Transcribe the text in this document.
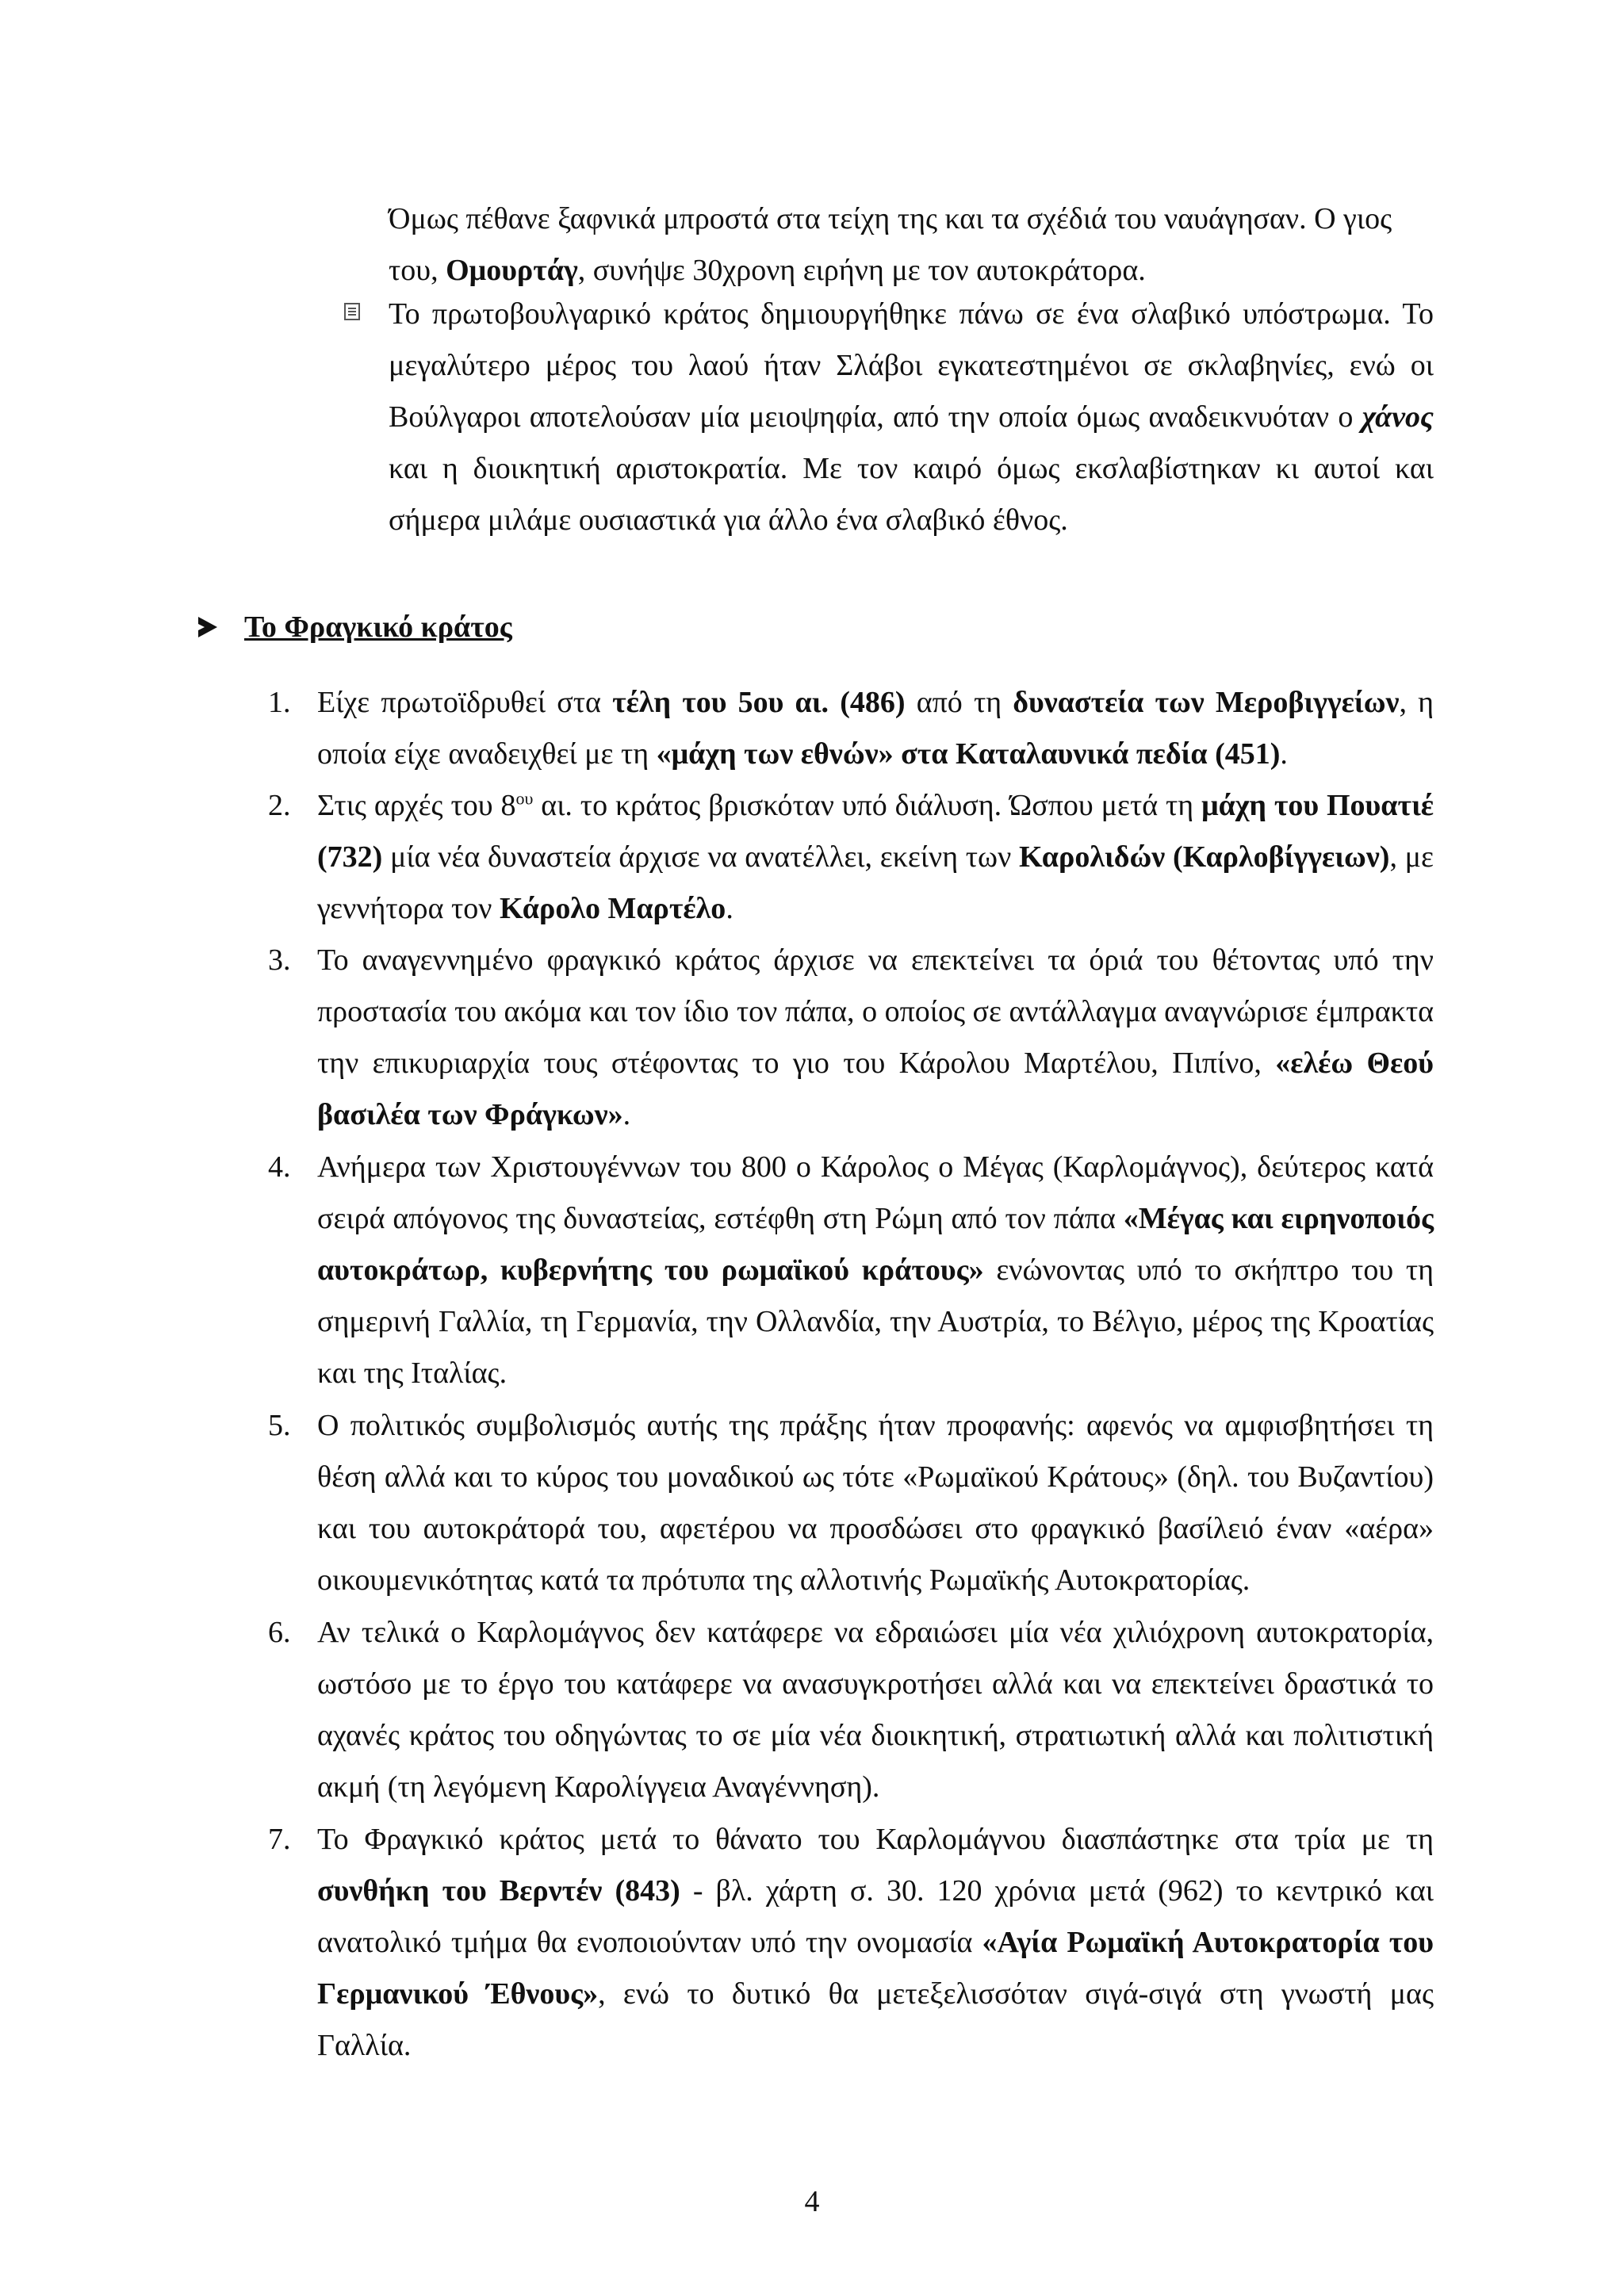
Όμως πέθανε ξαφνικά μπροστά στα τείχη της και τα σχέδιά του ναυάγησαν. Ο γιος
του, Ομουρτάγ, συνήψε 30χρονη ειρήνη με τον αυτοκράτορα.

Το πρωτοβουλγαρικό κράτος δημιουργήθηκε πάνω σε ένα σλαβικό υπόστρωμα. Το μεγαλύτερο μέρος του λαού ήταν Σλάβοι εγκατεστημένοι σε σκλαβηνίες, ενώ οι Βούλγαροι αποτελούσαν μία μειοψηφία, από την οποία όμως αναδεικνυόταν ο χάνος και η διοικητική αριστοκρατία. Με τον καιρό όμως εκσλαβίστηκαν κι αυτοί και σήμερα μιλάμε ουσιαστικά για άλλο ένα σλαβικό έθνος.

Το Φραγκικό κράτος
1. Είχε πρωτοϊδρυθεί στα τέλη του 5ου αι. (486) από τη δυναστεία των Μεροβιγγείων, η οποία είχε αναδειχθεί με τη «μάχη των εθνών» στα Καταλαυνικά πεδία (451).

2. Στις αρχές του $8^{o\upsilon}$ αι. το κράτος βρισκόταν υπό διάλυση. Ώσπου μετά τη μάχη του Πουατιέ (732) μία νέα δυναστεία άρχισε να ανατέλλει, εκείνη των Καρολιδών (Καρλοβίγγειων), με γεννήτορα τον Κάρολο Μαρτέλο.

3. Το αναγεννημένο φραγκικό κράτος άρχισε να επεκτείνει τα όριά του θέτοντας υπό την προστασία του ακόμα και τον ίδιο τον πάπα, ο οποίος σε αντάλλαγμα αναγνώρισε έμπρακτα την επικυριαρχία τους στέφοντας το γιο του Κάρολου Μαρτέλου, Πιπίνο, «ελέω Θεού βασιλέα των Φράγκων».

4. Ανήμερα των Χριστουγέννων του 800 ο Κάρολος ο Μέγας (Καρλομάγνος), δεύτερος κατά σειρά απόγονος της δυναστείας, εστέφθη στη Ρώμη από τον πάπα «Μέγας και ειρηνοποιός αυτοκράτωρ, κυβερνήτης του ρωμαϊκού κράτους» ενώνοντας υπό το σκήπτρο του τη σημερινή Γαλλία, τη Γερμανία, την Ολλανδία, την Αυστρία, το Βέλγιο, μέρος της Κροατίας και της Ιταλίας.

5. Ο πολιτικός συμβολισμός αυτής της πράξης ήταν προφανής: αφενός να αμφισβητήσει τη θέση αλλά και το κύρος του μοναδικού ως τότε «Ρωμαϊκού Κράτους» (δηλ. του Βυζαντίου) και του αυτοκράτορά του, αφετέρου να προσδώσει στο φραγκικό βασίλειό έναν «αέρα» οικουμενικότητας κατά τα πρότυπα της αλλοτινής Ρωμαϊκής Αυτοκρατορίας.

6. Αν τελικά ο Καρλομάγνος δεν κατάφερε να εδραιώσει μία νέα χιλιόχρονη αυτοκρατορία, ωστόσο με το έργο του κατάφερε να ανασυγκροτήσει αλλά και να επεκτείνει δραστικά το αχανές κράτος του οδηγώντας το σε μία νέα διοικητική, στρατιωτική αλλά και πολιτιστική ακμή (τη λεγόμενη Καρολίγγεια Αναγέννηση).

7. Το Φραγκικό κράτος μετά το θάνατο του Καρλομάγνου διασπάστηκε στα τρία με τη συνθήκη του Βερντέν (843) - βλ. χάρτη σ. 30. 120 χρόνια μετά (962) το κεντρικό και ανατολικό τμήμα θα ενοποιούνταν υπό την ονομασία «Αγία Ρωμαϊκή Αυτοκρατορία του Γερμανικού Έθνους», ενώ το δυτικό θα μετεξελισσόταν σιγά-σιγά στη γνωστή μας Γαλλία.

4
